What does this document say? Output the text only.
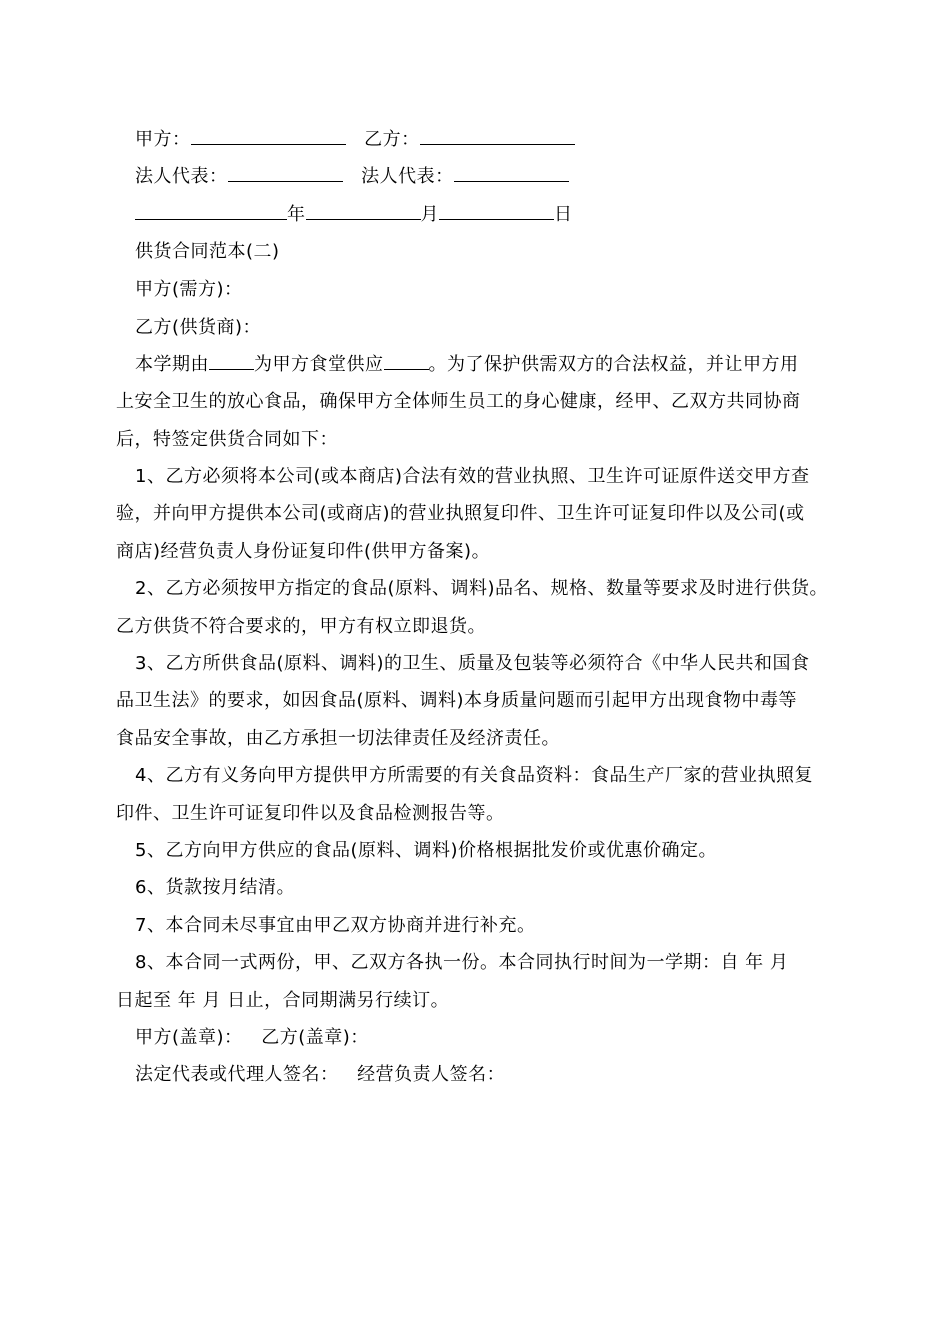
甲方：	乙方：
法人代表：	法人代表：
年	月	日
供货合同范本(二)
甲方(需方)：
乙方(供货商)：
本学期由	为甲方食堂供应	。为了保护供需双方的合法权益，并让甲方用
上安全卫生的放心食品，确保甲方全体师生员工的身心健康，经甲、乙双方共同协商
后，特签定供货合同如下：
1、乙方必须将本公司(或本商店)合法有效的营业执照、卫生许可证原件送交甲方查
验，并向甲方提供本公司(或商店)的营业执照复印件、卫生许可证复印件以及公司(或
商店)经营负责人身份证复印件(供甲方备案)。
2、乙方必须按甲方指定的食品(原料、调料)品名、规格、数量等要求及时进行供货。
乙方供货不符合要求的，甲方有权立即退货。
3、乙方所供食品(原料、调料)的卫生、质量及包装等必须符合《中华人民共和国食
品卫生法》的要求，如因食品(原料、调料)本身质量问题而引起甲方出现食物中毒等
食品安全事故，由乙方承担一切法律责任及经济责任。
4、乙方有义务向甲方提供甲方所需要的有关食品资料：食品生产厂家的营业执照复
印件、卫生许可证复印件以及食品检测报告等。
5、乙方向甲方供应的食品(原料、调料)价格根据批发价或优惠价确定。
6、货款按月结清。
7、本合同未尽事宜由甲乙双方协商并进行补充。
8、本合同一式两份，甲、乙双方各执一份。本合同执行时间为一学期：自 年 月
日起至 年 月 日止，合同期满另行续订。
甲方(盖章)： 乙方(盖章)：
法定代表或代理人签名： 经营负责人签名：
